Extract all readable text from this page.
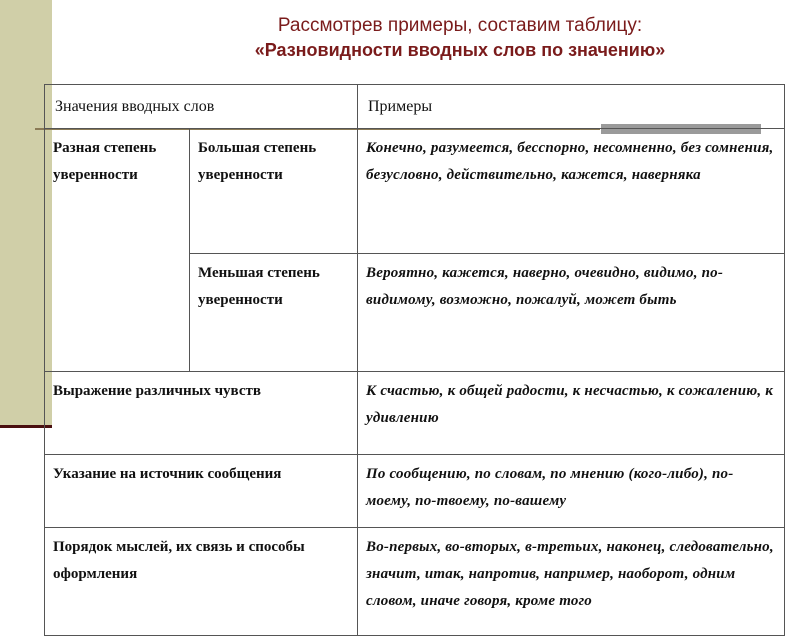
Рассмотрев примеры, составим таблицу:
«Разновидности вводных слов по значению»
Значения вводных слов		Примеры
Разная степень уверенности	Большая степень уверенности	Конечно, разумеется, бесспорно, несомненно, без сомнения, безусловно, действительно, кажется, наверняка
	Меньшая степень уверенности	Вероятно, кажется, наверно, очевидно, видимо, по-видимому, возможно, пожалуй, может быть
Выражение различных чувств		К счастью, к общей радости, к несчастью, к сожалению, к удивлению
Указание на источник сообщения		По сообщению, по словам, по мнению (кого-либо), по-моему, по-твоему, по-вашему
Порядок мыслей, их связь и способы оформления		Во-первых, во-вторых, в-третьих, наконец, следовательно, значит, итак, напротив, например, наоборот, одним словом, иначе говоря, кроме того
